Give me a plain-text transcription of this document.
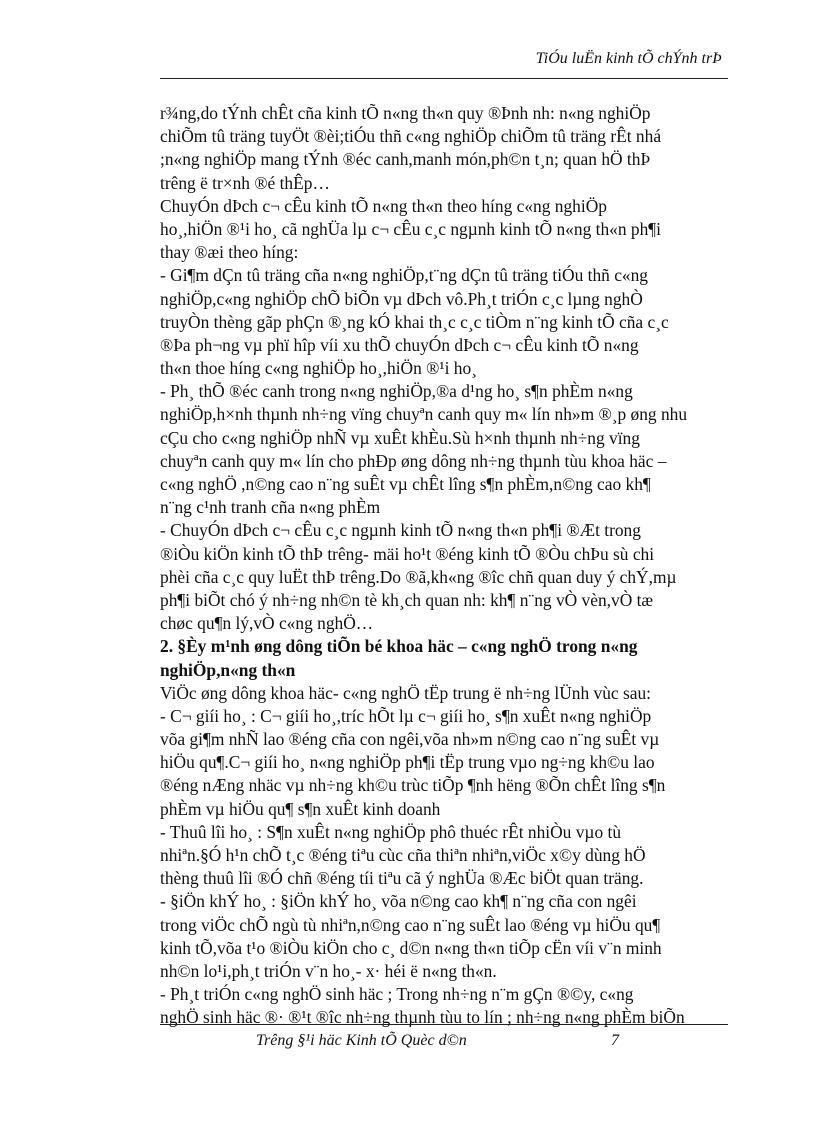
TiÓu luËn kinh tÕ chÝnh trÞ
r¾ng,do tÝnh chÊt cña kinh tÕ n«ng th«n quy ®Þnh nh: n«ng nghiÖp
chiÕm tû träng tuyÖt ®èi;tiÓu thñ c«ng nghiÖp chiÕm tû träng rÊt nhá
;n«ng nghiÖp mang tÝnh ®éc canh,manh món,ph©n t¸n; quan hÖ thÞ
trêng ë tr×nh ®é thÊp…
ChuyÓn dÞch c¬ cÊu kinh tÕ n«ng th«n theo híng c«ng nghiÖp
ho¸,hiÖn ®¹i ho¸ cã nghÜa lµ c¬ cÊu c¸c ngµnh kinh tÕ n«ng th«n ph¶i
thay ®æi theo híng:
- Gi¶m dÇn tû träng cña n«ng nghiÖp,t¨ng dÇn tû träng tiÓu thñ c«ng
nghiÖp,c«ng nghiÖp chÕ biÕn vµ dÞch vô.Ph¸t triÓn c¸c lµng nghÒ
truyÒn thèng gãp phÇn ®¸ng kÓ khai th¸c c¸c tiÒm n¨ng kinh tÕ cña c¸c
®Þa ph¬ng vµ phï hîp víi xu thÕ chuyÓn dÞch c¬ cÊu kinh tÕ n«ng
th«n thoe híng c«ng nghiÖp ho¸,hiÖn ®¹i ho¸
- Ph¸ thÕ ®éc canh trong n«ng nghiÖp,®a d¹ng ho¸ s¶n phÈm n«ng
nghiÖp,h×nh thµnh nh÷ng vïng chuyªn canh quy m« lín nh»m ®¸p øng nhu
cÇu cho c«ng nghiÖp nhÑ vµ xuÊt khÈu.Sù h×nh thµnh nh÷ng vïng
chuyªn canh quy m« lín cho phÐp øng dông nh÷ng thµnh tùu khoa häc –
c«ng nghÖ ,n©ng cao n¨ng suÊt vµ chÊt lîng s¶n phÈm,n©ng cao kh¶
n¨ng c¹nh tranh cña n«ng phÈm
- ChuyÓn dÞch c¬ cÊu c¸c ngµnh kinh tÕ n«ng th«n ph¶i ®Æt trong
®iÒu kiÖn kinh tÕ thÞ trêng- mäi ho¹t ®éng kinh tÕ ®Òu chÞu sù chi
phèi cña c¸c quy luËt thÞ trêng.Do ®ã,kh«ng ®îc chñ quan duy ý chÝ,mµ
ph¶i biÕt chó ý nh÷ng nh©n tè kh¸ch quan nh: kh¶ n¨ng vÒ vèn,vÒ tæ
chøc qu¶n lý,vÒ c«ng nghÖ…
2. §Èy m¹nh øng dông tiÕn bé khoa häc – c«ng nghÖ trong n«ng
nghiÖp,n«ng th«n
ViÖc øng dông khoa häc- c«ng nghÖ tËp trung ë nh÷ng lÜnh vùc sau:
- C¬ giíi ho¸ : C¬ giíi ho¸,tríc hÕt lµ c¬ giíi ho¸ s¶n xuÊt n«ng nghiÖp
võa gi¶m nhÑ lao ®éng cña con ngêi,võa nh»m n©ng cao n¨ng suÊt vµ
hiÖu qu¶.C¬ giíi ho¸ n«ng nghiÖp ph¶i tËp trung vµo ng÷ng kh©u lao
®éng nÆng nhäc vµ nh÷ng kh©u trùc tiÕp ¶nh hëng ®Õn chÊt lîng s¶n
phÈm vµ hiÖu qu¶ s¶n xuÊt kinh doanh
- Thuû lîi ho¸ : S¶n xuÊt n«ng nghiÖp phô thuéc rÊt nhiÒu vµo tù
nhiªn.§Ó h¹n chÕ t¸c ®éng tiªu cùc cña thiªn nhiªn,viÖc x©y dùng hÖ
thèng thuû lîi ®Ó chñ ®éng tíi tiªu cã ý nghÜa ®Æc biÖt quan träng.
- §iÖn khÝ ho¸ : §iÖn khÝ ho¸ võa n©ng cao kh¶ n¨ng cña con ngêi
trong viÖc chÕ ngù tù nhiªn,n©ng cao n¨ng suÊt lao ®éng vµ hiÖu qu¶
kinh tÕ,võa t¹o ®iÒu kiÖn cho c¸ d©n n«ng th«n tiÕp cËn víi v¨n minh
nh©n lo¹i,ph¸t triÓn v¨n ho¸- x· héi ë n«ng th«n.
- Ph¸t triÓn c«ng nghÖ sinh häc ; Trong nh÷ng n¨m gÇn ®©y, c«ng
nghÖ sinh häc ®· ®¹t ®îc nh÷ng thµnh tùu to lín ; nh÷ng n«ng phÈm biÕn
Trêng §¹i häc Kinh tÕ Quèc d©n	7
